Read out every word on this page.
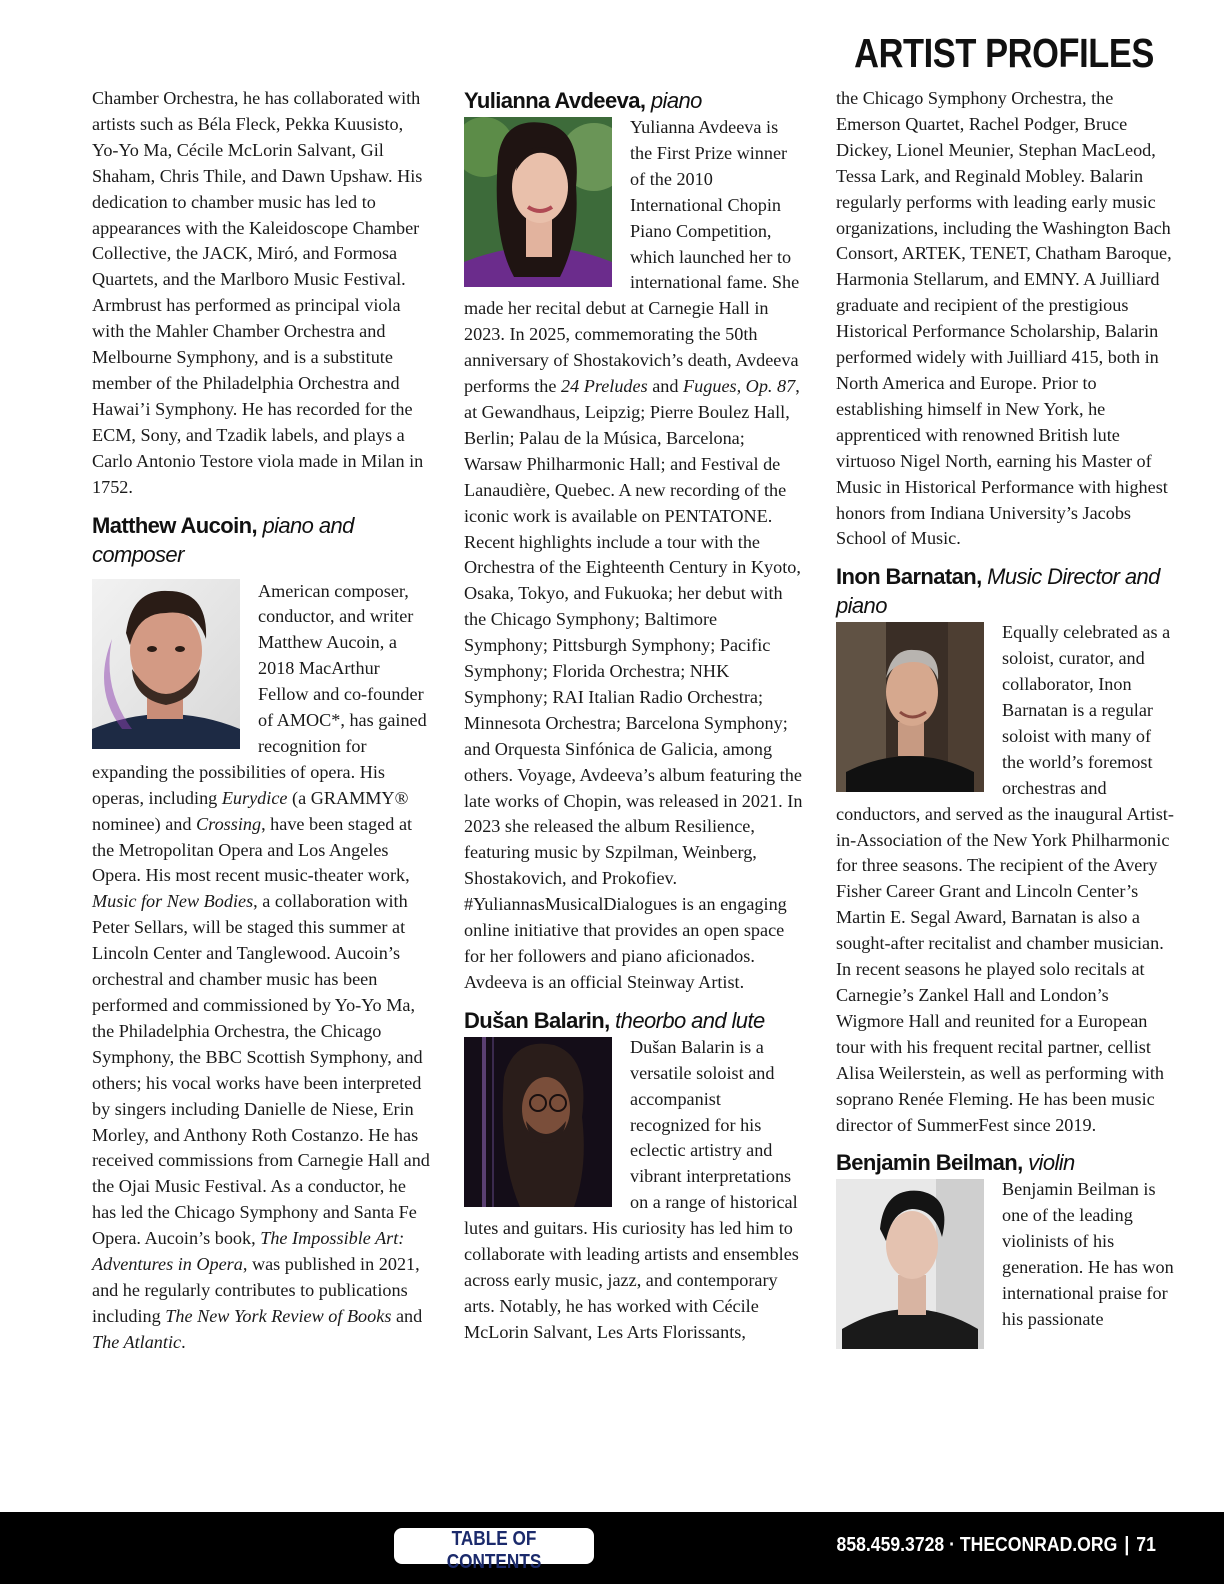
ARTIST PROFILES

Chamber Orchestra, he has collaborated with artists such as Béla Fleck, Pekka Kuusisto, Yo-Yo Ma, Cécile McLorin Salvant, Gil Shaham, Chris Thile, and Dawn Upshaw. His dedication to chamber music has led to appearances with the Kaleidoscope Chamber Collective, the JACK, Miró, and Formosa Quartets, and the Marlboro Music Festival. Armbrust has performed as principal viola with the Mahler Chamber Orchestra and Melbourne Symphony, and is a substitute member of the Philadelphia Orchestra and Hawai’i Symphony. He has recorded for the ECM, Sony, and Tzadik labels, and plays a Carlo Antonio Testore viola made in Milan in 1752.

Matthew Aucoin, piano and composer

American composer, conductor, and writer Matthew Aucoin, a 2018 MacArthur Fellow and co-founder of AMOC*, has gained recognition for expanding the possibilities of opera. His operas, including Eurydice (a GRAMMY® nominee) and Crossing, have been staged at the Metropolitan Opera and Los Angeles Opera. His most recent music-theater work, Music for New Bodies, a collaboration with Peter Sellars, will be staged this summer at Lincoln Center and Tanglewood. Aucoin’s orchestral and chamber music has been performed and commissioned by Yo-Yo Ma, the Philadelphia Orchestra, the Chicago Symphony, the BBC Scottish Symphony, and others; his vocal works have been interpreted by singers including Danielle de Niese, Erin Morley, and Anthony Roth Costanzo. He has received commissions from Carnegie Hall and the Ojai Music Festival. As a conductor, he has led the Chicago Symphony and Santa Fe Opera. Aucoin’s book, The Impossible Art: Adventures in Opera, was published in 2021, and he regularly contributes to publications including The New York Review of Books and The Atlantic.

Yulianna Avdeeva, piano

Yulianna Avdeeva is the First Prize winner of the 2010 International Chopin Piano Competition, which launched her to international fame. She made her recital debut at Carnegie Hall in 2023. In 2025, commemorating the 50th anniversary of Shostakovich’s death, Avdeeva performs the 24 Preludes and Fugues, Op. 87, at Gewandhaus, Leipzig; Pierre Boulez Hall, Berlin; Palau de la Música, Barcelona; Warsaw Philharmonic Hall; and Festival de Lanaudière, Quebec. A new recording of the iconic work is available on PENTATONE. Recent highlights include a tour with the Orchestra of the Eighteenth Century in Kyoto, Osaka, Tokyo, and Fukuoka; her debut with the Chicago Symphony; Baltimore Symphony; Pittsburgh Symphony; Pacific Symphony; Florida Orchestra; NHK Symphony; RAI Italian Radio Orchestra; Minnesota Orchestra; Barcelona Symphony; and Orquesta Sinfónica de Galicia, among others. Voyage, Avdeeva’s album featuring the late works of Chopin, was released in 2021. In 2023 she released the album Resilience, featuring music by Szpilman, Weinberg, Shostakovich, and Prokofiev. #YuliannasMusicalDialogues is an engaging online initiative that provides an open space for her followers and piano aficionados. Avdeeva is an official Steinway Artist.

Dušan Balarin, theorbo and lute

Dušan Balarin is a versatile soloist and accompanist recognized for his eclectic artistry and vibrant interpretations on a range of historical lutes and guitars. His curiosity has led him to collaborate with leading artists and ensembles across early music, jazz, and contemporary arts. Notably, he has worked with Cécile McLorin Salvant, Les Arts Florissants,

the Chicago Symphony Orchestra, the Emerson Quartet, Rachel Podger, Bruce Dickey, Lionel Meunier, Stephan MacLeod, Tessa Lark, and Reginald Mobley. Balarin regularly performs with leading early music organizations, including the Washington Bach Consort, ARTEK, TENET, Chatham Baroque, Harmonia Stellarum, and EMNY. A Juilliard graduate and recipient of the prestigious Historical Performance Scholarship, Balarin performed widely with Juilliard 415, both in North America and Europe. Prior to establishing himself in New York, he apprenticed with renowned British lute virtuoso Nigel North, earning his Master of Music in Historical Performance with highest honors from Indiana University’s Jacobs School of Music.

Inon Barnatan, Music Director and piano

Equally celebrated as a soloist, curator, and collaborator, Inon Barnatan is a regular soloist with many of the world’s foremost orchestras and conductors, and served as the inaugural Artist-in-Association of the New York Philharmonic for three seasons. The recipient of the Avery Fisher Career Grant and Lincoln Center’s Martin E. Segal Award, Barnatan is also a sought-after recitalist and chamber musician. In recent seasons he played solo recitals at Carnegie’s Zankel Hall and London’s Wigmore Hall and reunited for a European tour with his frequent recital partner, cellist Alisa Weilerstein, as well as performing with soprano Renée Fleming. He has been music director of SummerFest since 2019.

Benjamin Beilman, violin

Benjamin Beilman is one of the leading violinists of his generation. He has won international praise for his passionate

TABLE OF CONTENTS
858.459.3728 · THECONRAD.ORG | 71
